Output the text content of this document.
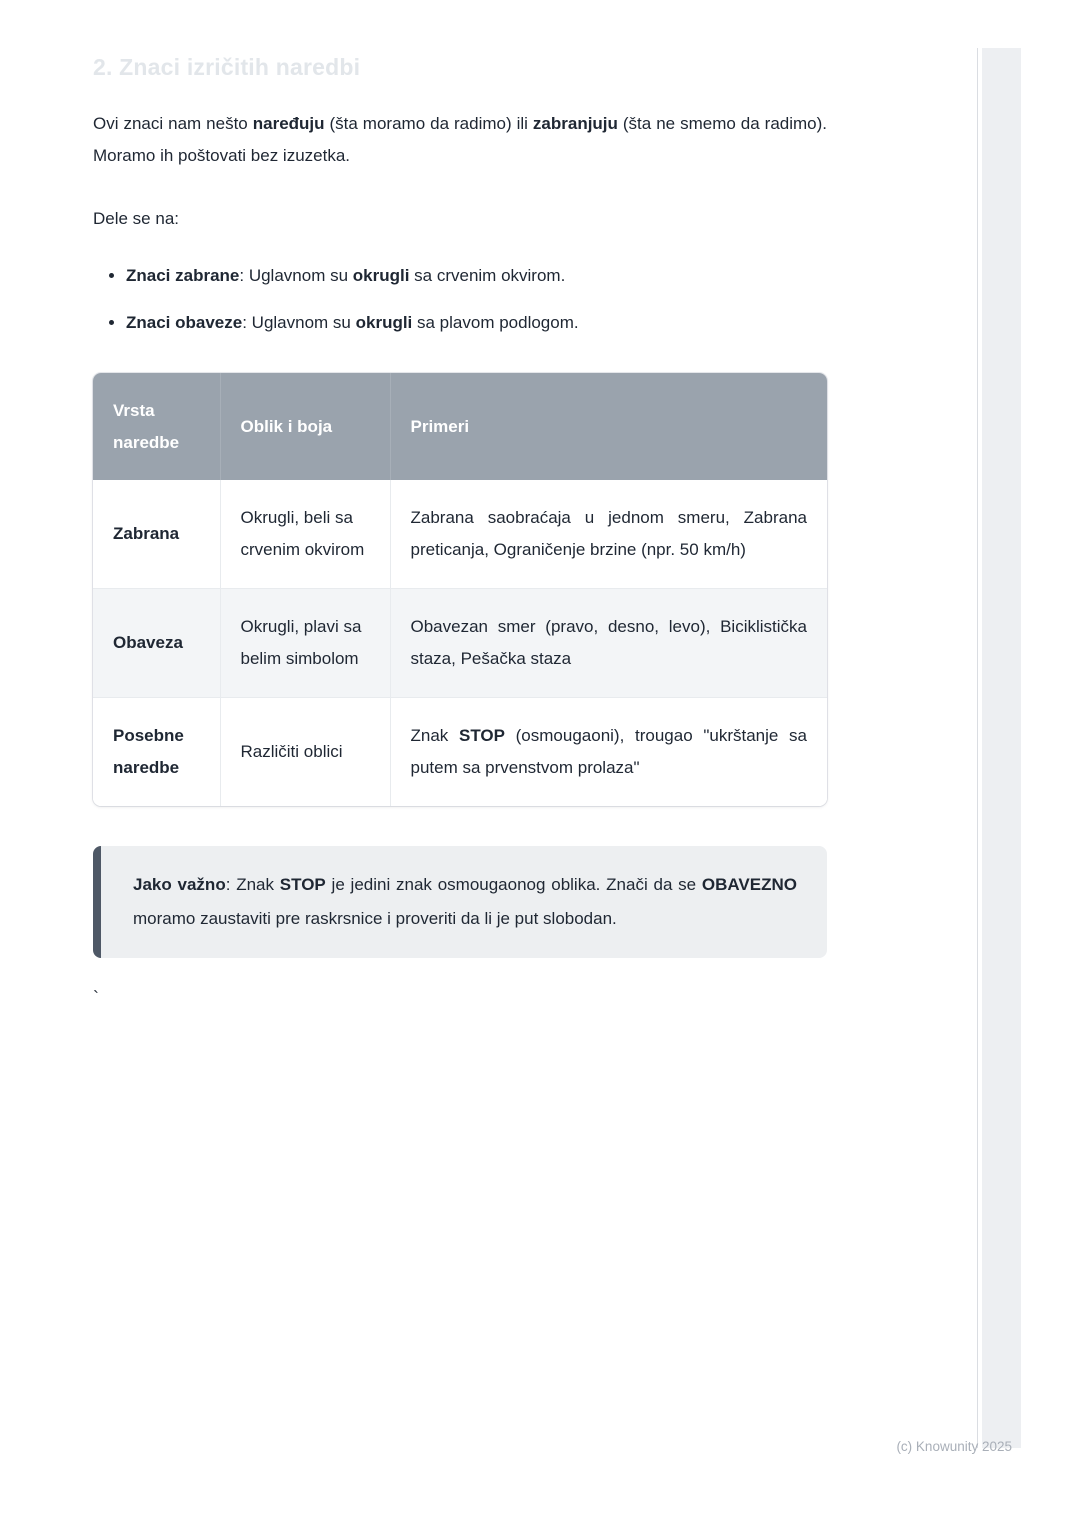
2. Znaci izričitih naredbi

Ovi znaci nam nešto naređuju (šta moramo da radimo) ili zabranjuju (šta ne smemo da radimo). Moramo ih poštovati bez izuzetka.

Dele se na:

• Znaci zabrane: Uglavnom su okrugli sa crvenim okvirom.
• Znaci obaveze: Uglavnom su okrugli sa plavom podlogom.
Vrsta naredbe	Oblik i boja	Primeri
Zabrana	Okrugli, beli sa crvenim okvirom	Zabrana saobraćaja u jednom smeru, Zabrana preticanja, Ograničenje brzine (npr. 50 km/h)
Obaveza	Okrugli, plavi sa belim simbolom	Obavezan smer (pravo, desno, levo), Biciklistička staza, Pešačka staza
Posebne naredbe	Različiti oblici	Znak STOP (osmougaoni), trougao "ukrštanje sa putem sa prvenstvom prolaza"
Jako važno: Znak STOP je jedini znak osmougaonog oblika. Znači da se OBAVEZNO moramo zaustaviti pre raskrsnice i proveriti da li je put slobodan.
`
(c) Knowunity 2025
